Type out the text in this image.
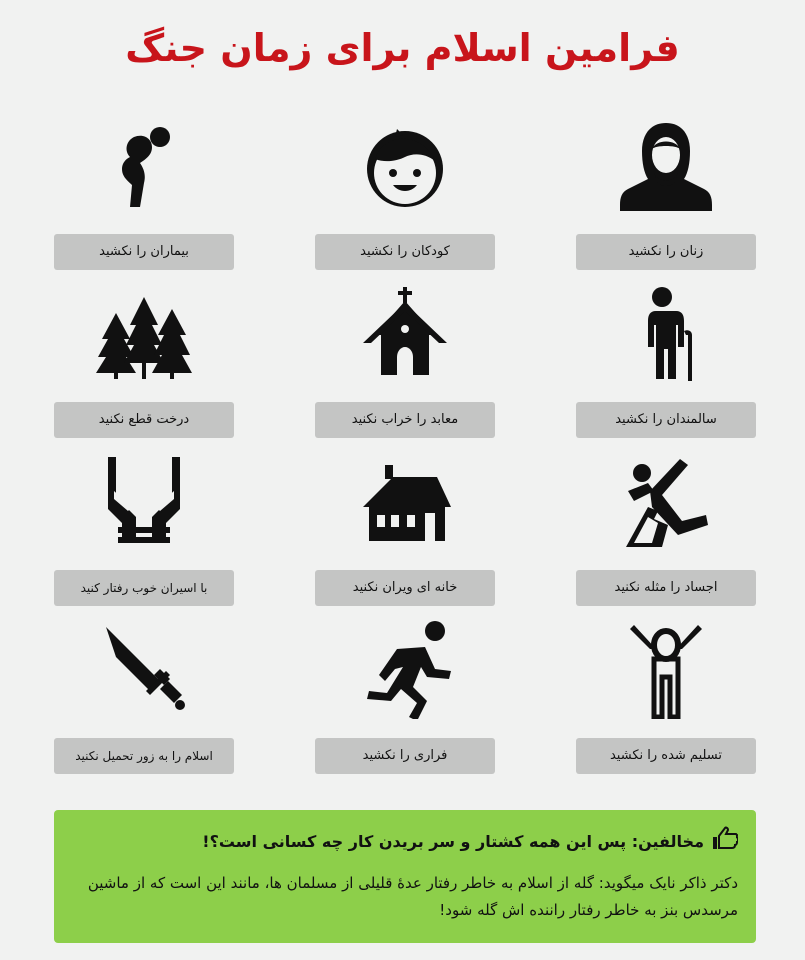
فرامین اسلام برای زمان جنگ
زنان را نکشید
کودکان را نکشید
بیماران را نکشید
سالمندان را نکشید
معابد را خراب نکنید
درخت قطع نکنید
اجساد را مثله نکنید
خانه ای ویران نکنید
با اسیران خوب رفتار کنید
تسلیم شده را نکشید
فراری را نکشید
اسلام را به زور تحمیل نکنید
مخالفین: پس این همه کشتار و سر بریدن کار چه کسانی است؟!
دکتر ذاکر نایک میگوید: گله از اسلام به خاطر رفتار عدهٔ قلیلی از مسلمان ها، مانند این است که از ماشین مرسدس بنز به خاطر رفتار راننده اش گله شود!
